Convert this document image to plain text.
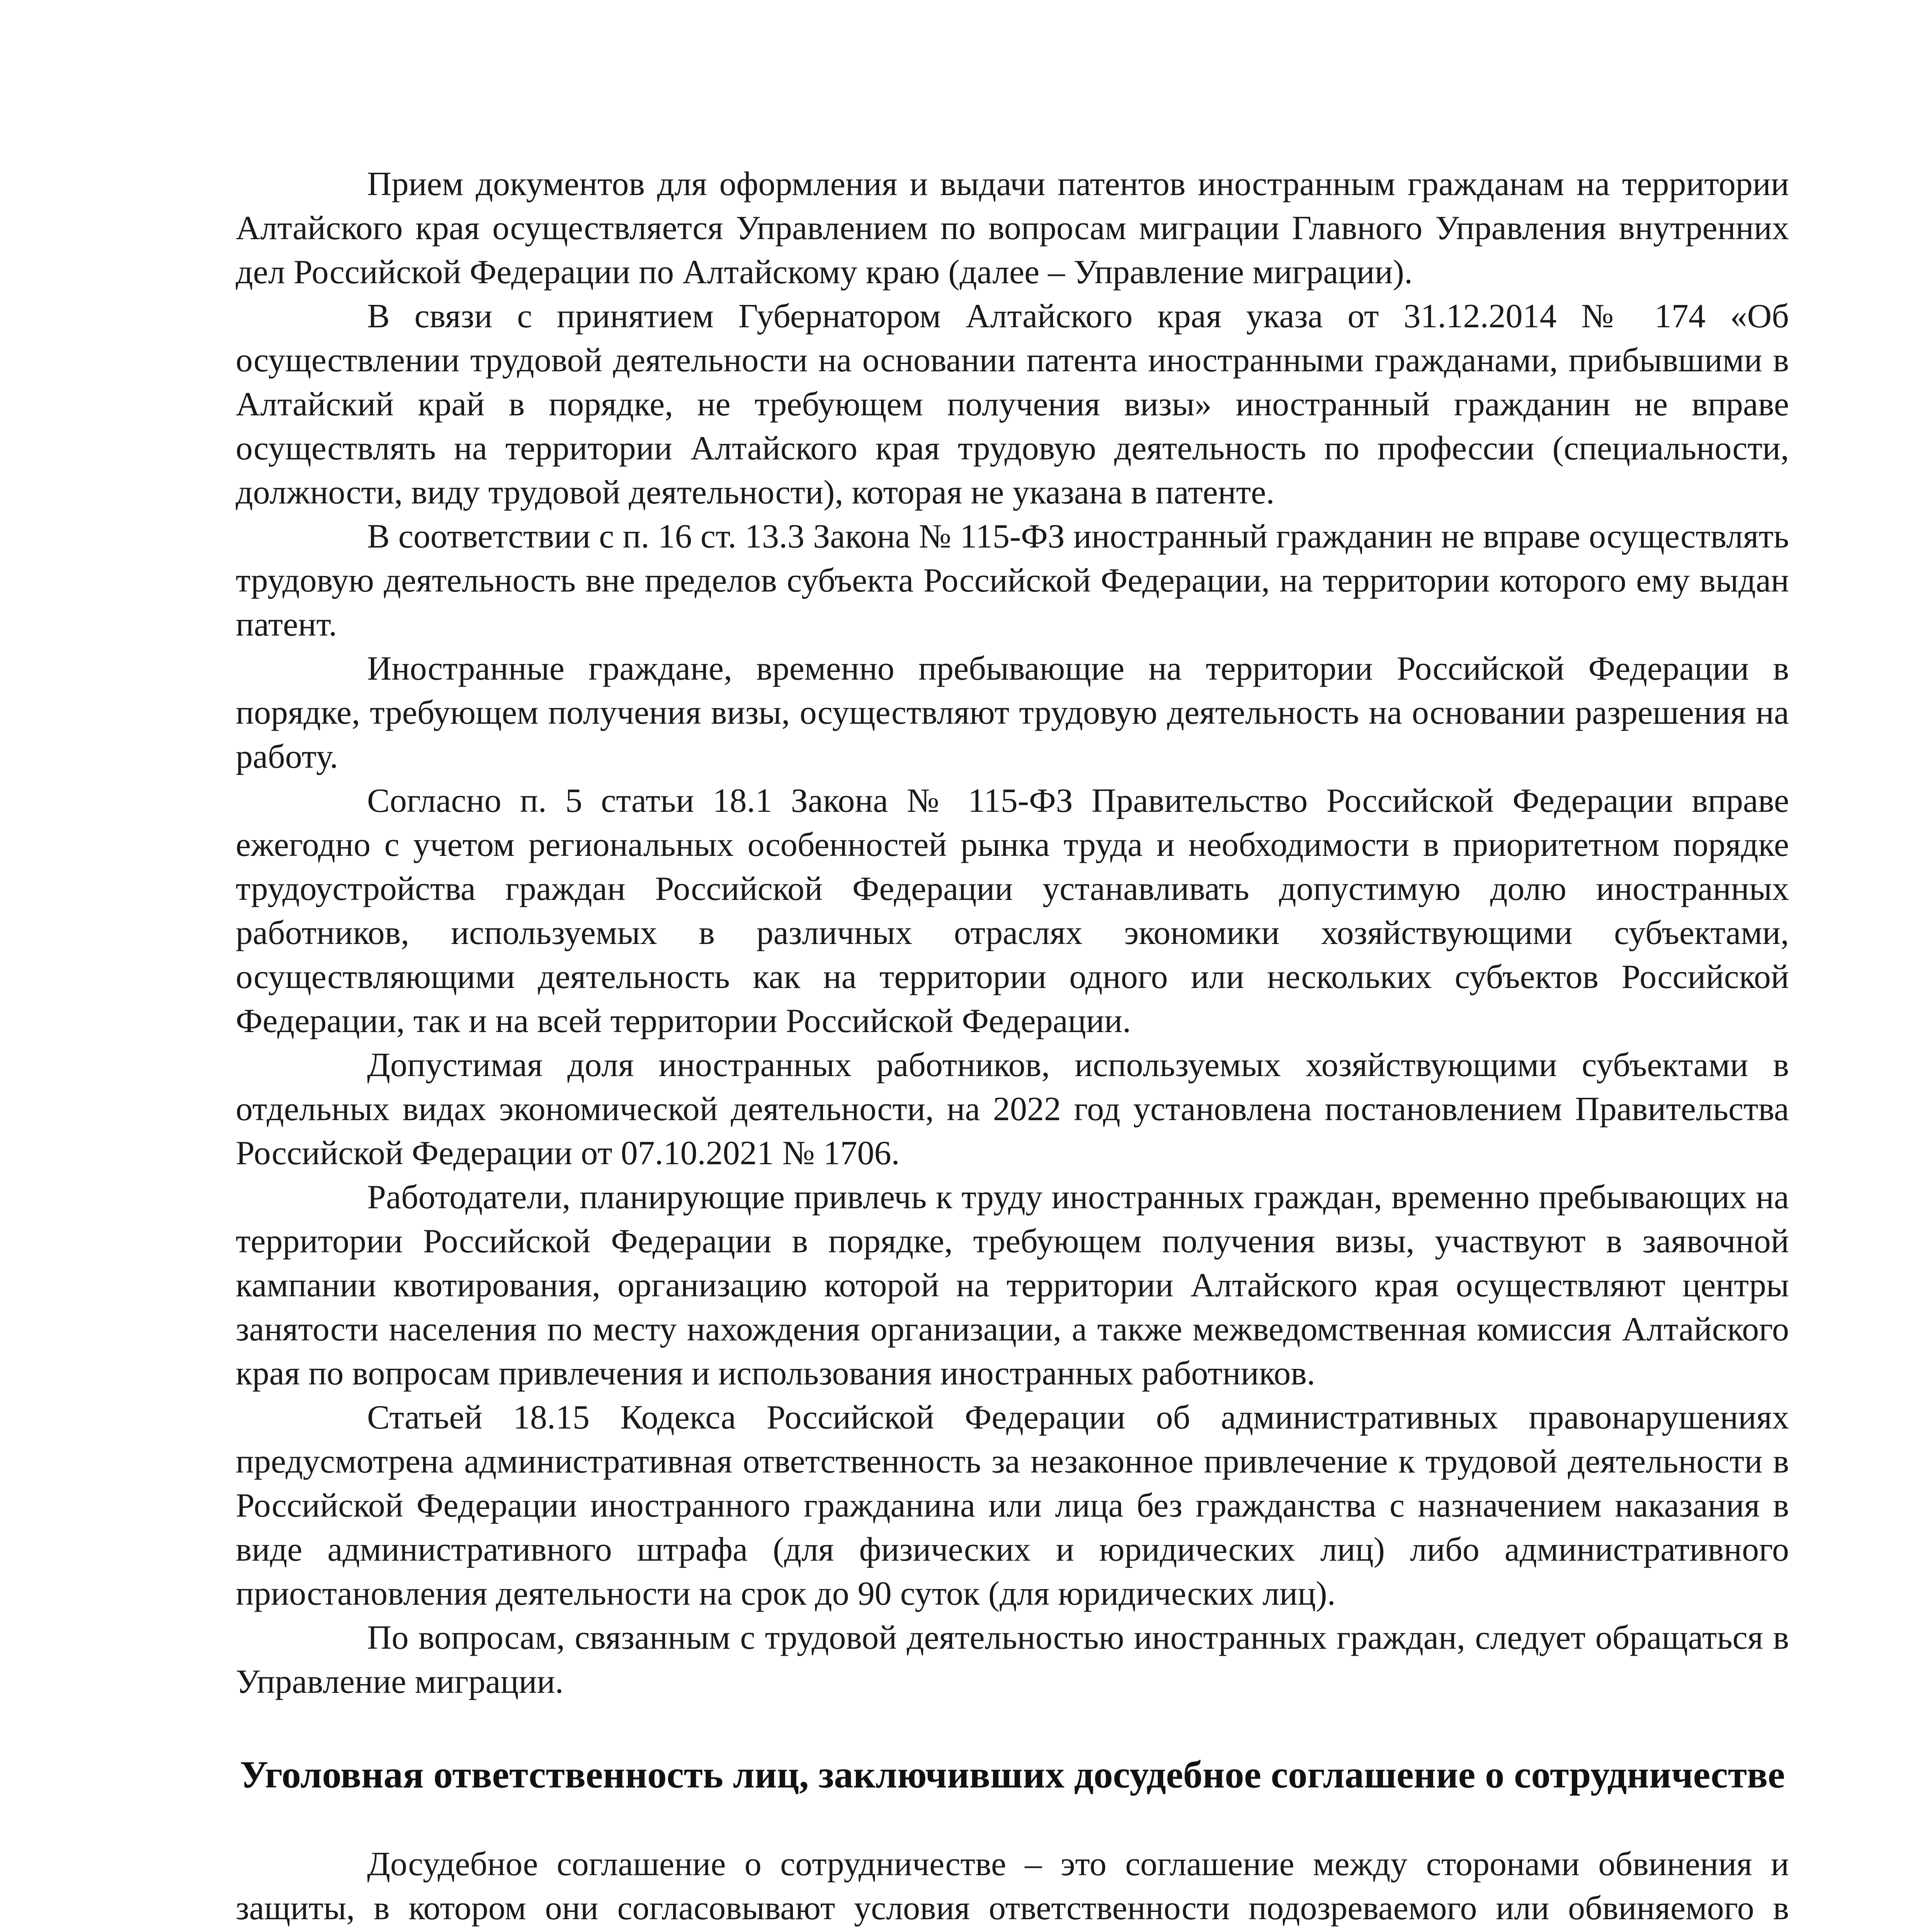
Прием документов для оформления и выдачи патентов иностранным гражданам на территории Алтайского края осуществляется Управлением по вопросам миграции Главного Управления внутренних дел Российской Федерации по Алтайскому краю (далее – Управление миграции).

В связи с принятием Губернатором Алтайского края указа от 31.12.2014 № 174 «Об осуществлении трудовой деятельности на основании патента иностранными гражданами, прибывшими в Алтайский край в порядке, не требующем получения визы» иностранный гражданин не вправе осуществлять на территории Алтайского края трудовую деятельность по профессии (специальности, должности, виду трудовой деятельности), которая не указана в патенте.

В соответствии с п. 16 ст. 13.3 Закона № 115-ФЗ иностранный гражданин не вправе осуществлять трудовую деятельность вне пределов субъекта Российской Федерации, на территории которого ему выдан патент.

Иностранные граждане, временно пребывающие на территории Российской Федерации в порядке, требующем получения визы, осуществляют трудовую деятельность на основании разрешения на работу.

Согласно п. 5 статьи 18.1 Закона № 115-ФЗ Правительство Российской Федерации вправе ежегодно с учетом региональных особенностей рынка труда и необходимости в приоритетном порядке трудоустройства граждан Российской Федерации устанавливать допустимую долю иностранных работников, используемых в различных отраслях экономики хозяйствующими субъектами, осуществляющими деятельность как на территории одного или нескольких субъектов Российской Федерации, так и на всей территории Российской Федерации.

Допустимая доля иностранных работников, используемых хозяйствующими субъектами в отдельных видах экономической деятельности, на 2022 год установлена постановлением Правительства Российской Федерации от 07.10.2021 № 1706.

Работодатели, планирующие привлечь к труду иностранных граждан, временно пребывающих на территории Российской Федерации в порядке, требующем получения визы, участвуют в заявочной кампании квотирования, организацию которой на территории Алтайского края осуществляют центры занятости населения по месту нахождения организации, а также межведомственная комиссия Алтайского края по вопросам привлечения и использования иностранных работников.

Статьей 18.15 Кодекса Российской Федерации об административных правонарушениях предусмотрена административная ответственность за незаконное привлечение к трудовой деятельности в Российской Федерации иностранного гражданина или лица без гражданства с назначением наказания в виде административного штрафа (для физических и юридических лиц) либо административного приостановления деятельности на срок до 90 суток (для юридических лиц).

По вопросам, связанным с трудовой деятельностью иностранных граждан, следует обращаться в Управление миграции.

Уголовная ответственность лиц, заключивших досудебное соглашение о сотрудничестве

Досудебное соглашение о сотрудничестве – это соглашение между сторонами обвинения и защиты, в котором они согласовывают условия ответственности подозреваемого или обвиняемого в
